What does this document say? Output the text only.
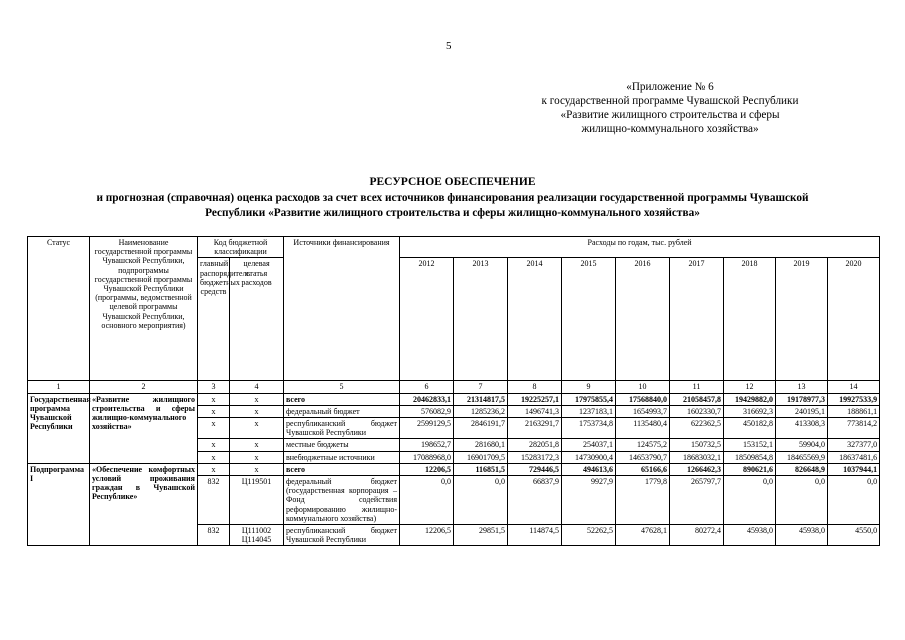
5
«Приложение № 6
к государственной программе Чувашской Республики
«Развитие жилищного строительства и сферы
жилищно-коммунального хозяйства»
РЕСУРСНОЕ ОБЕСПЕЧЕНИЕ
и прогнозная (справочная) оценка расходов за счет всех источников финансирования реализации государственной программы Чувашской Республики «Развитие жилищного строительства и сферы жилищно-коммунального хозяйства»
Статус	Наименование государственной программы Чувашской Республики, подпрограммы государственной программы Чувашской Республики (программы, ведомственной целевой программы Чувашской Республики, основного мероприятия)	Код бюджетной классификации		Источники финансирования	Расходы по годам, тыс. рублей								
		главный распорядитель бюджетных средств	целевая статья расходов		2012	2013	2014	2015	2016	2017	2018	2019	2020

1	2	3	4	5	6	7	8	9	10	11	12	13	14
Государственная программа Чувашской Республики	«Развитие жилищного строительства и сферы жилищно-коммунального хозяйства»	x	x	всего	20462833,1	21314817,5	19225257,1	17975855,4	17568840,0	21058457,8	19429882,0	19178977,3	19927533,9
		x	x	федеральный бюджет	576082,9	1285236,2	1496741,3	1237183,1	1654993,7	1602330,7	316692,3	240195,1	188861,1
		x	x	республиканский бюджет Чувашской Республики	2599129,5	2846191,7	2163291,7	1753734,8	1135480,4	622362,5	450182,8	413308,3	773814,2
		x	x	местные бюджеты	198652,7	281680,1	282051,8	254037,1	124575,2	150732,5	153152,1	59904,0	327377,0
		x	x	внебюджетные источники	17088968,0	16901709,5	15283172,3	14730900,4	14653790,7	18683032,1	18509854,8	18465569,9	18637481,6
Подпрограмма I	«Обеспечение комфортных условий проживания граждан в Чувашской Республике»	x	x	всего	12206,5	116851,5	729446,5	494613,6	65166,6	1266462,3	890621,6	826648,9	1037944,1
		832	Ц119501	федеральный бюджет (государственная корпорация – Фонд содействия реформированию жилищно-коммунального хозяйства)	0,0	0,0	66837,9	9927,9	1779,8	265797,7	0,0	0,0	0,0
		832	Ц111002 Ц114045	республиканский бюджет Чувашской Республики	12206,5	29851,5	114874,5	52262,5	47628,1	80272,4	45938,0	45938,0	4550,0
